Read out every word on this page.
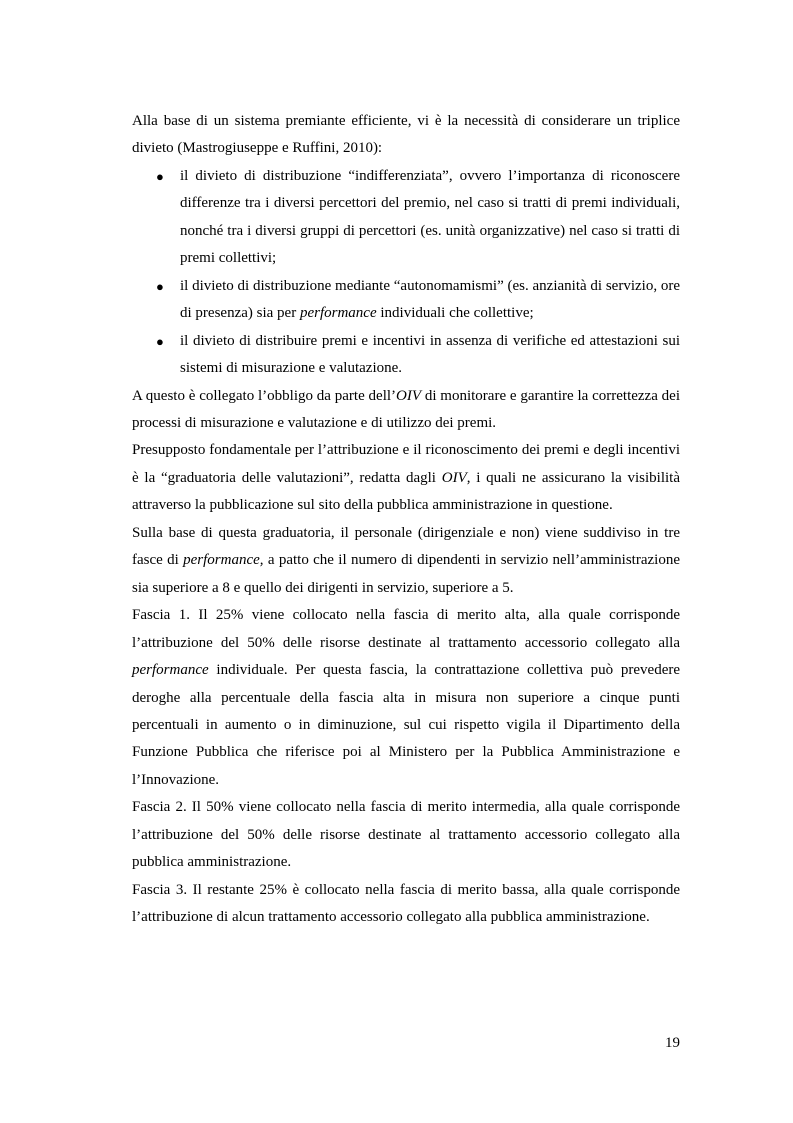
Alla base di un sistema premiante efficiente, vi è la necessità di considerare un triplice divieto (Mastrogiuseppe e Ruffini, 2010):

● il divieto di distribuzione “indifferenziata”, ovvero l’importanza di riconoscere differenze tra i diversi percettori del premio, nel caso si tratti di premi individuali, nonché tra i diversi gruppi di percettori (es. unità organizzative) nel caso si tratti di premi collettivi;
● il divieto di distribuzione mediante “autonomamismi” (es. anzianità di servizio, ore di presenza) sia per performance individuali che collettive;
● il divieto di distribuire premi e incentivi in assenza di verifiche ed attestazioni sui sistemi di misurazione e valutazione.

A questo è collegato l’obbligo da parte dell’OIV di monitorare e garantire la correttezza dei processi di misurazione e valutazione e di utilizzo dei premi.

Presupposto fondamentale per l’attribuzione e il riconoscimento dei premi e degli incentivi è la “graduatoria delle valutazioni”, redatta dagli OIV, i quali ne assicurano la visibilità attraverso la pubblicazione sul sito della pubblica amministrazione in questione.

Sulla base di questa graduatoria, il personale (dirigenziale e non) viene suddiviso in tre fasce di performance, a patto che il numero di dipendenti in servizio nell’amministrazione sia superiore a 8 e quello dei dirigenti in servizio, superiore a 5.

Fascia 1. Il 25% viene collocato nella fascia di merito alta, alla quale corrisponde l’attribuzione del 50% delle risorse destinate al trattamento accessorio collegato alla performance individuale. Per questa fascia, la contrattazione collettiva può prevedere deroghe alla percentuale della fascia alta in misura non superiore a cinque punti percentuali in aumento o in diminuzione, sul cui rispetto vigila il Dipartimento della Funzione Pubblica che riferisce poi al Ministero per la Pubblica Amministrazione e l’Innovazione.

Fascia 2. Il 50% viene collocato nella fascia di merito intermedia, alla quale corrisponde l’attribuzione del 50% delle risorse destinate al trattamento accessorio collegato alla pubblica amministrazione.

Fascia 3. Il restante 25% è collocato nella fascia di merito bassa, alla quale corrisponde l’attribuzione di alcun trattamento accessorio collegato alla pubblica amministrazione.

19
